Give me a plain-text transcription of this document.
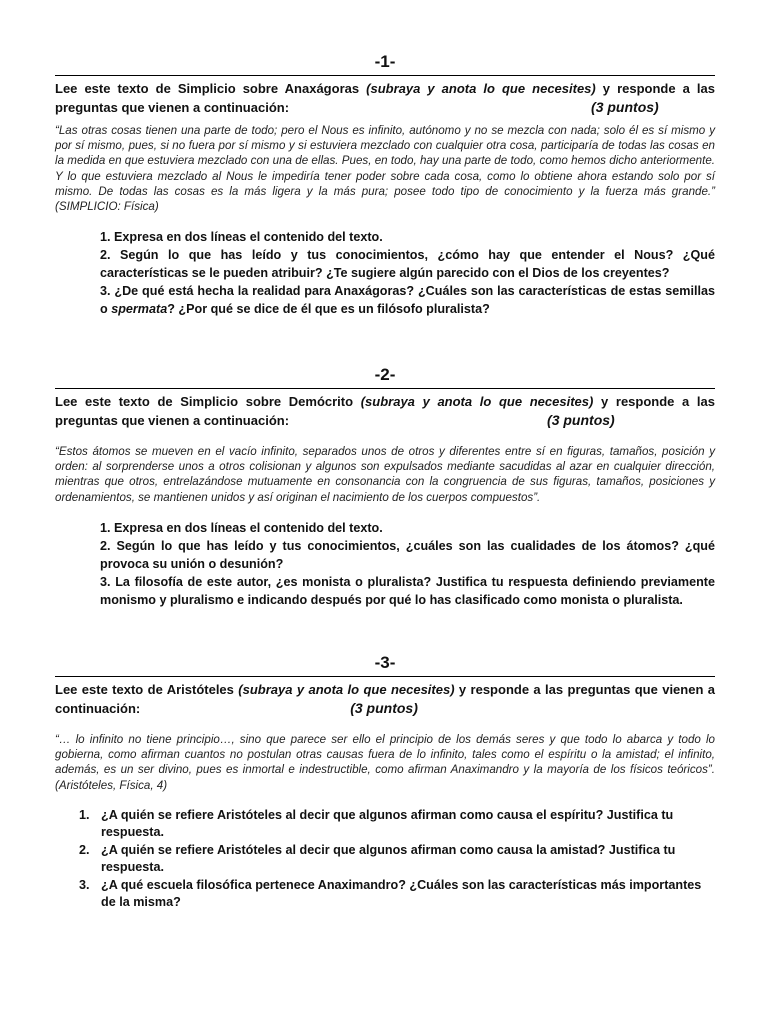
-1-
Lee este texto de Simplicio sobre Anaxágoras (subraya y anota lo que necesites) y responde a las preguntas que vienen a continuación:	(3 puntos)
“Las otras cosas tienen una parte de todo; pero el Nous es infinito, autónomo y no se mezcla con nada; solo él es sí mismo y por sí mismo, pues, si no fuera por sí mismo y si estuviera mezclado con cualquier otra cosa, participaría de todas las cosas en la medida en que estuviera mezclado con una de ellas. Pues, en todo, hay una parte de todo, como hemos dicho anteriormente. Y lo que estuviera mezclado al Nous le impediría tener poder sobre cada cosa, como lo obtiene ahora estando solo por sí mismo. De todas las cosas es la más ligera y la más pura; posee todo tipo de conocimiento y la fuerza más grande.” (SIMPLICIO: Física)
1. Expresa en dos líneas el contenido del texto.
2. Según lo que has leído y tus conocimientos, ¿cómo hay que entender el Nous? ¿Qué características se le pueden atribuir? ¿Te sugiere algún parecido con el Dios de los creyentes?
3. ¿De qué está hecha la realidad para Anaxágoras? ¿Cuáles son las características de estas semillas o spermata? ¿Por qué se dice de él que es un filósofo pluralista?
-2-
Lee este texto de Simplicio sobre Demócrito (subraya y anota lo que necesites) y responde a las preguntas que vienen a continuación:	(3 puntos)
“Estos átomos se mueven en el vacío infinito, separados unos de otros y diferentes entre sí en figuras, tamaños, posición y orden: al sorprenderse unos a otros colisionan y algunos son expulsados mediante sacudidas al azar en cualquier dirección, mientras que otros, entrelazándose mutuamente en consonancia con la congruencia de sus figuras, tamaños, posiciones y ordenamientos, se mantienen unidos y así originan el nacimiento de los cuerpos compuestos”.
1. Expresa en dos líneas el contenido del texto.
2. Según lo que has leído y tus conocimientos, ¿cuáles son las cualidades de los átomos? ¿qué provoca su unión o desunión?
3. La filosofía de este autor, ¿es monista o pluralista? Justifica tu respuesta definiendo previamente monismo y pluralismo e indicando después por qué lo has clasificado como monista o pluralista.
-3-
Lee este texto de Aristóteles (subraya y anota lo que necesites) y responde a las preguntas que vienen a continuación:	(3 puntos)
“… lo infinito no tiene principio…, sino que parece ser ello el principio de los demás seres y que todo lo abarca y todo lo gobierna, como afirman cuantos no postulan otras causas fuera de lo infinito, tales como el espíritu o la amistad; el infinito, además, es un ser divino, pues es inmortal e indestructible, como afirman Anaximandro y la mayoría de los físicos teóricos”. (Aristóteles, Física, 4)
1. ¿A quién se refiere Aristóteles al decir que algunos afirman como causa el espíritu? Justifica tu respuesta.
2. ¿A quién se refiere Aristóteles al decir que algunos afirman como causa la amistad? Justifica tu respuesta.
3. ¿A qué escuela filosófica pertenece Anaximandro? ¿Cuáles son las características más importantes de la misma?
